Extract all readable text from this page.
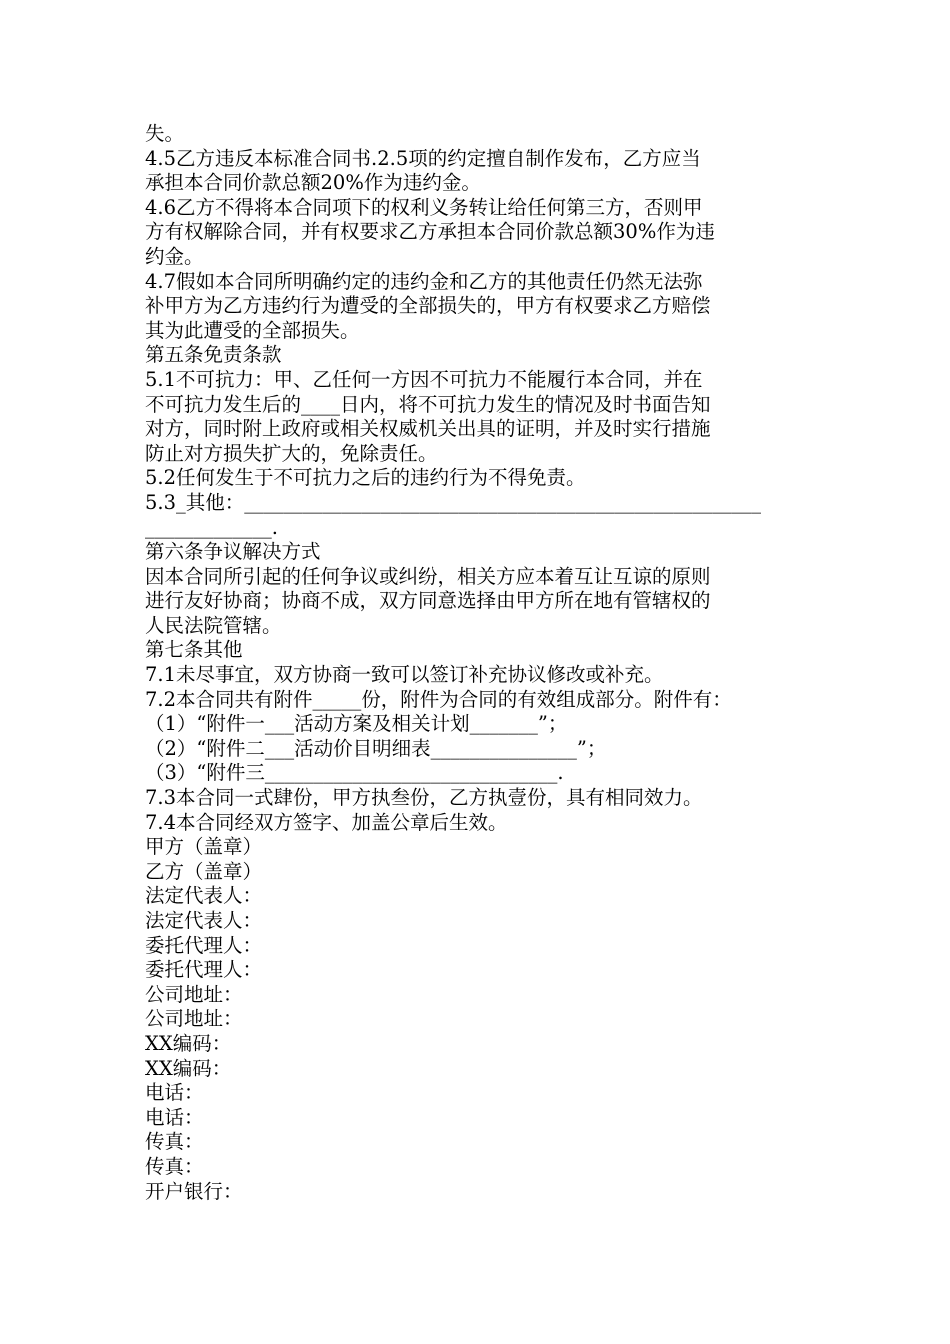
失。
4.5乙方违反本标准合同书.2.5项的约定擅自制作发布，乙方应当
承担本合同价款总额20%作为违约金。
4.6乙方不得将本合同项下的权利义务转让给任何第三方，否则甲
方有权解除合同，并有权要求乙方承担本合同价款总额30%作为违
约金。
4.7假如本合同所明确约定的违约金和乙方的其他责任仍然无法弥
补甲方为乙方违约行为遭受的全部损失的，甲方有权要求乙方赔偿
其为此遭受的全部损失。
第五条免责条款
5.1不可抗力：甲、乙任何一方因不可抗力不能履行本合同，并在
不可抗力发生后的____日内，将不可抗力发生的情况及时书面告知
对方，同时附上政府或相关权威机关出具的证明，并及时实行措施
防止对方损失扩大的，免除责任。
5.2任何发生于不可抗力之后的违约行为不得免责。
5.3_其他：_____________________________________________________
_____________.
第六条争议解决方式
因本合同所引起的任何争议或纠纷，相关方应本着互让互谅的原则
进行友好协商；协商不成，双方同意选择由甲方所在地有管辖权的
人民法院管辖。
第七条其他
7.1未尽事宜，双方协商一致可以签订补充协议修改或补充。
7.2本合同共有附件_____份，附件为合同的有效组成部分。附件有：
（1）“附件一___活动方案及相关计划_______”；
（2）“附件二___活动价目明细表_______________”；
（3）“附件三______________________________.
7.3本合同一式肆份，甲方执叁份，乙方执壹份，具有相同效力。
7.4本合同经双方签字、加盖公章后生效。
甲方（盖章）
乙方（盖章）
法定代表人：
法定代表人：
委托代理人：
委托代理人：
公司地址：
公司地址：
XX编码：
XX编码：
电话：
电话：
传真：
传真：
开户银行：
